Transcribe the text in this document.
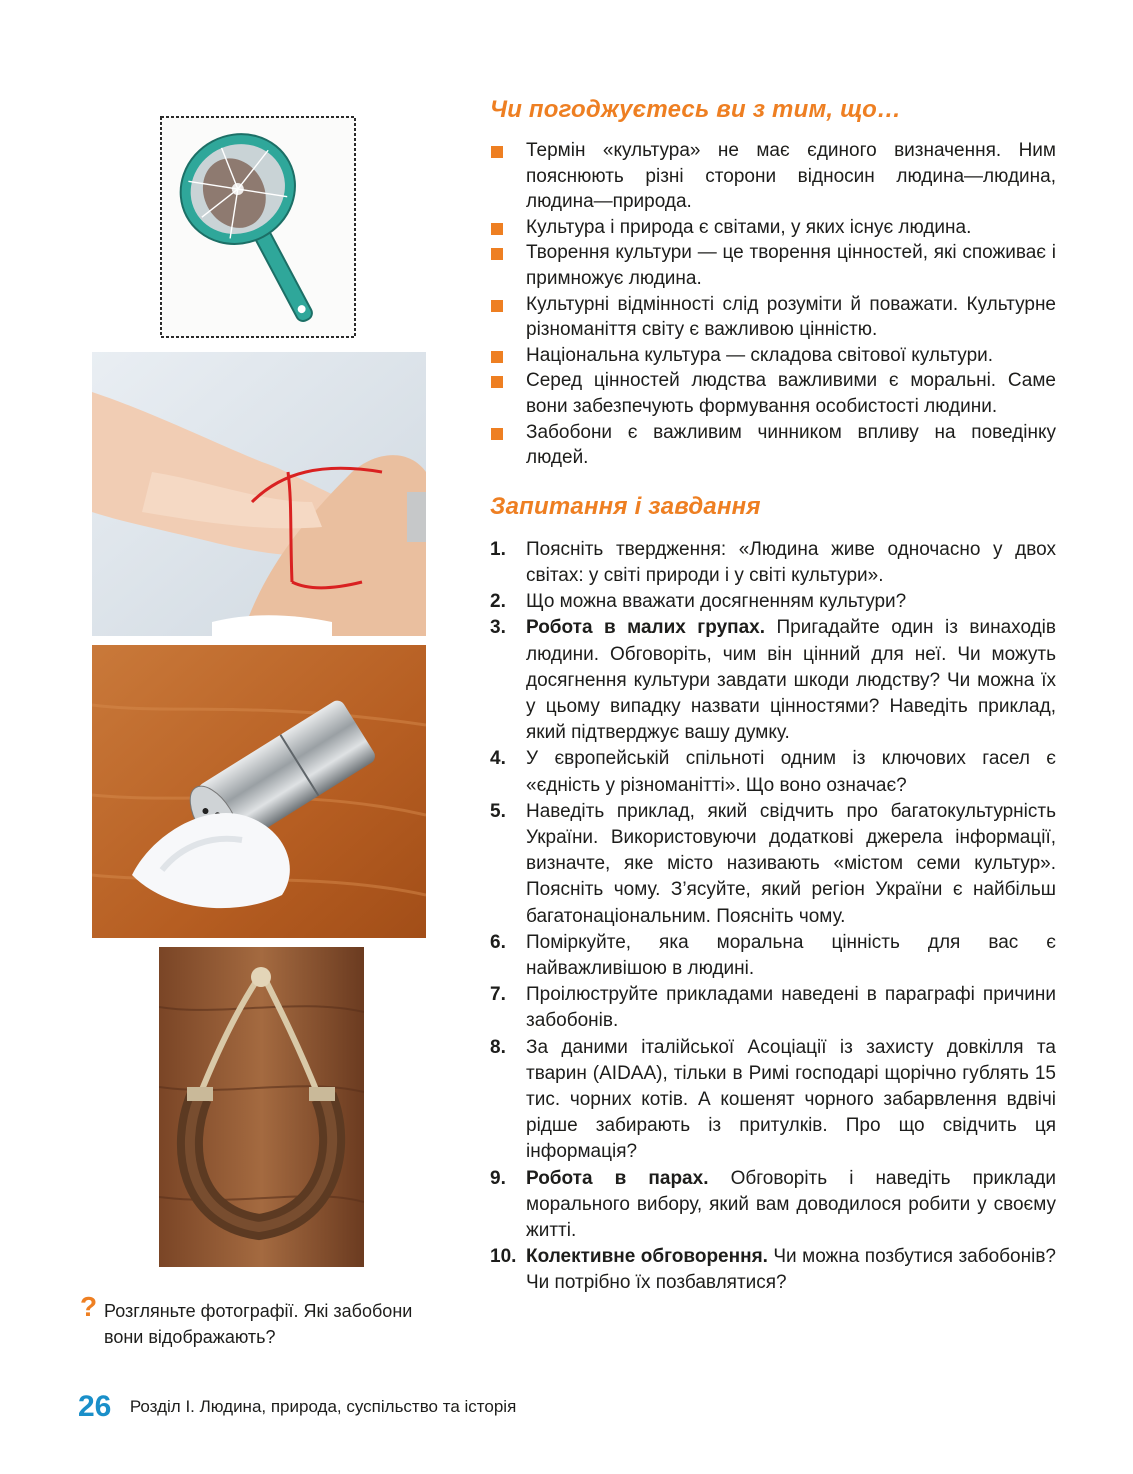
Чи погоджуєтесь ви з тим, що…
Термін «культура» не має єдиного визначення. Ним пояснюють різні сторони відносин людина—людина, людина—природа.
Культура і природа є світами, у яких існує людина.
Творення культури — це творення цінностей, які споживає і примножує людина.
Культурні відмінності слід розуміти й поважати. Культурне різноманіття світу є важливою цінністю.
Національна культура — складова світової культури.
Серед цінностей людства важливими є моральні. Саме вони забезпечують формування особистості людини.
Забобони є важливим чинником впливу на поведінку людей.
Запитання і завдання
1. Поясніть твердження: «Людина живе одночасно у двох світах: у світі природи і у світі культури».
2. Що можна вважати досягненням культури?
3. Робота в малих групах. Пригадайте один із винаходів людини. Обговоріть, чим він цінний для неї. Чи можуть досягнення культури завдати шкоди людству? Чи можна їх у цьому випадку назвати цінностями? Наведіть приклад, який підтверджує вашу думку.
4. У європейській спільноті одним із ключових гасел є «єдність у різноманітті». Що воно означає?
5. Наведіть приклад, який свідчить про багатокультурність України. Використовуючи додаткові джерела інформації, визначте, яке місто називають «містом семи культур». Поясніть чому. З’ясуйте, який регіон України є найбільш багатонаціональним. Поясніть чому.
6. Поміркуйте, яка моральна цінність для вас є найважливішою в людині.
7. Проілюструйте прикладами наведені в параграфі причини забобонів.
8. За даними італійської Асоціації із захисту довкілля та тварин (AIDAA), тільки в Римі господарі щорічно гублять 15 тис. чорних котів. А кошенят чорного забарвлення вдвічі рідше забирають із притулків. Про що свідчить ця інформація?
9. Робота в парах. Обговоріть і наведіть приклади морального вибору, який вам доводилося робити у своєму житті.
10. Колективне обговорення. Чи можна позбутися забобонів? Чи потрібно їх позбавлятися?
? Розгляньте фотографії. Які забобони вони відображають?
26 Розділ І. Людина, природа, суспільство та історія
